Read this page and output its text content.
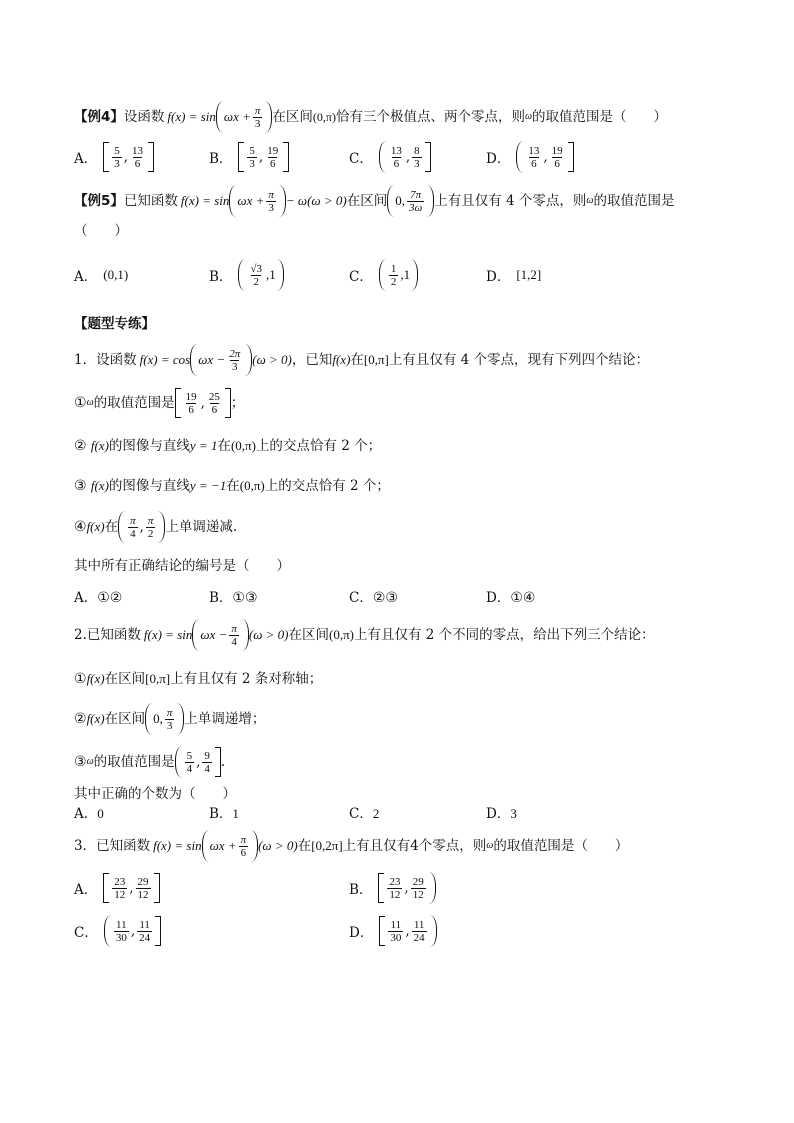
【例4】 设函数 $f(x) = \sin \omega x + \frac{\pi}{3}$ 在区间 (0,π) 恰有三个极值点、两个零点，则 ω 的取值范围是（　　）
A． $\frac{5}{3}$ , $\frac{13}{6}$	B． $\frac{5}{3}$ , $\frac{19}{6}$	C． $\frac{13}{6}$ , $\frac{8}{3}$	D． $\frac{13}{6}$ , $\frac{19}{6}$
【例5】 已知函数 $f(x) = \sin \omega x + \frac{\pi}{3} - \omega(\omega > 0)$ 在区间 0, $\frac{7\pi}{3\omega}$ 上有且仅有 4 个零点，则 ω 的取值范围是
（　　）
A． (0,1)	B． $\frac{√3}{2} ,1$	C． $\frac{1}{2} ,1$	D． [1,2]
【题型专练】
1．设函数 $f(x) = \cos \omega x - \frac{2\pi}{3} (\omega > 0)$ ，已知 f(x) 在 [0,π] 上有且仅有 4 个零点，现有下列四个结论：
① ω 的取值范围是 $\frac{19}{6}$ , $\frac{25}{6}$ ；
② f(x)的图像与直线y = 1在(0,π)上的交点恰有 2 个；
③ f(x)的图像与直线y = −1在(0,π)上的交点恰有 2 个；
④ f(x) 在 $\frac{\pi}{4}$ , $\frac{\pi}{2}$ 上单调递减.
其中所有正确结论的编号是（　　）
A．①②	B．①③	C．②③	D．①④
2.已知函数 $f(x) = \sin \omega x - \frac{\pi}{4} (\omega > 0)$ 在区间 (0,π) 上有且仅有 2 个不同的零点，给出下列三个结论：
①f(x)在区间[0,π]上有且仅有 2 条对称轴；
② f(x) 在区间 0, $\frac{\pi}{3}$ 上单调递增；
③ ω 的取值范围是 $\frac{5}{4}$ , $\frac{9}{4}$ .
其中正确的个数为（　　）
A．0	B．1	C．2	D．3
3．已知函数 $f(x) = \sin \omega x + \frac{\pi}{6} (\omega > 0)$ 在 [0,2π] 上有且仅有4个零点，则 ω 的取值范围是（　　）
A． $\frac{23}{12}$ , $\frac{29}{12}$	B． $\frac{23}{12}$ , $\frac{29}{12}$
C． $\frac{11}{30}$ , $\frac{11}{24}$	D． $\frac{11}{30}$ , $\frac{11}{24}$
